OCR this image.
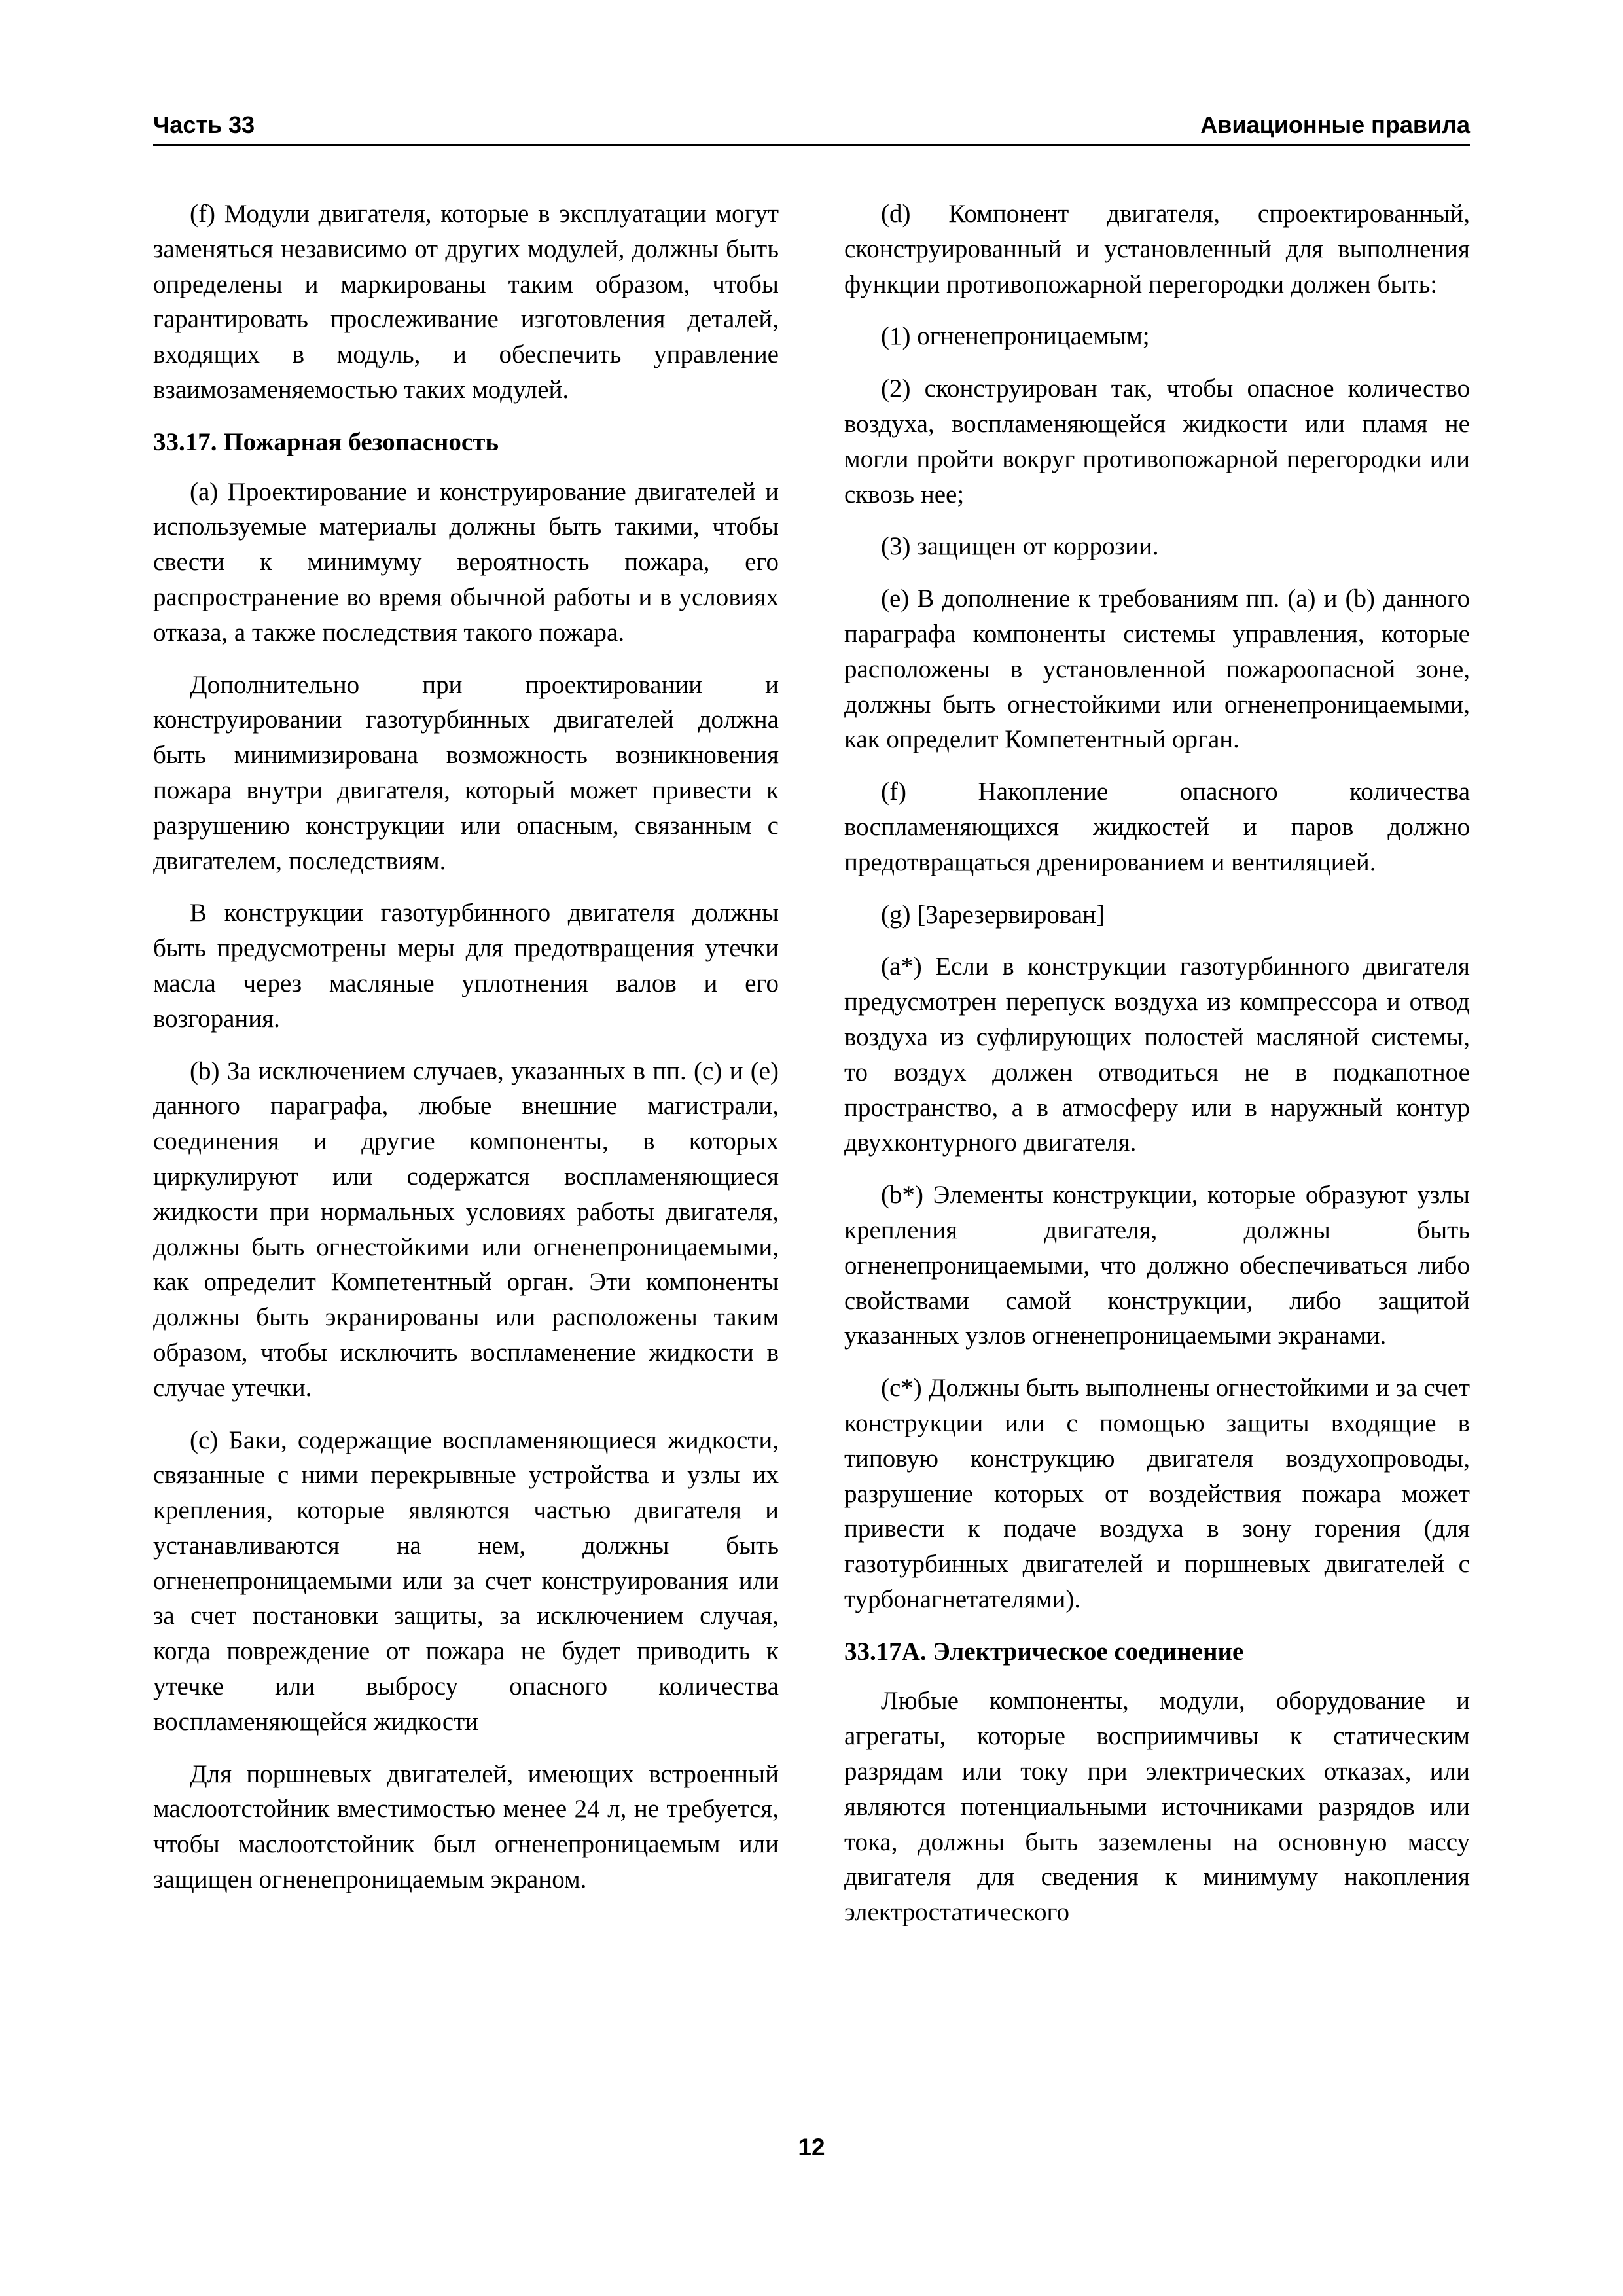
Часть 33	Авиационные правила

(f) Модули двигателя, которые в эксплуатации могут заменяться независимо от других модулей, должны быть определены и маркированы таким образом, чтобы гарантировать прослеживание изготовления деталей, входящих в модуль, и обеспечить управление взаимозаменяемостью таких модулей.

33.17. Пожарная безопасность

(a) Проектирование и конструирование двигателей и используемые материалы должны быть такими, чтобы свести к минимуму вероятность пожара, его распространение во время обычной работы и в условиях отказа, а также последствия такого пожара.

Дополнительно при проектировании и конструировании газотурбинных двигателей должна быть минимизирована возможность возникновения пожара внутри двигателя, который может привести к разрушению конструкции или опасным, связанным с двигателем, последствиям.

В конструкции газотурбинного двигателя должны быть предусмотрены меры для предотвращения утечки масла через масляные уплотнения валов и его возгорания.

(b) За исключением случаев, указанных в пп. (c) и (e) данного параграфа, любые внешние магистрали, соединения и другие компоненты, в которых циркулируют или содержатся воспламеняющиеся жидкости при нормальных условиях работы двигателя, должны быть огнестойкими или огненепроницаемыми, как определит Компетентный орган. Эти компоненты должны быть экранированы или расположены таким образом, чтобы исключить воспламенение жидкости в случае утечки.

(c) Баки, содержащие воспламеняющиеся жидкости, связанные с ними перекрывные устройства и узлы их крепления, которые являются частью двигателя и устанавливаются на нем, должны быть огненепроницаемыми или за счет конструирования или за счет постановки защиты, за исключением случая, когда повреждение от пожара не будет приводить к утечке или выбросу опасного количества воспламеняющейся жидкости

Для поршневых двигателей, имеющих встроенный маслоотстойник вместимостью менее 24 л, не требуется, чтобы маслоотстойник был огненепроницаемым или защищен огненепроницаемым экраном.

(d) Компонент двигателя, спроектированный, сконструированный и установленный для выполнения функции противопожарной перегородки должен быть:

(1) огненепроницаемым;

(2) сконструирован так, чтобы опасное количество воздуха, воспламеняющейся жидкости или пламя не могли пройти вокруг противопожарной перегородки или сквозь нее;

(3) защищен от коррозии.

(e) В дополнение к требованиям пп. (a) и (b) данного параграфа компоненты системы управления, которые расположены в установленной пожароопасной зоне, должны быть огнестойкими или огненепроницаемыми, как определит Компетентный орган.

(f) Накопление опасного количества воспламеняющихся жидкостей и паров должно предотвращаться дренированием и вентиляцией.

(g) [Зарезервирован]

(a*) Если в конструкции газотурбинного двигателя предусмотрен перепуск воздуха из компрессора и отвод воздуха из суфлирующих полостей масляной системы, то воздух должен отводиться не в подкапотное пространство, а в атмосферу или в наружный контур двухконтурного двигателя.

(b*) Элементы конструкции, которые образуют узлы крепления двигателя, должны быть огненепроницаемыми, что должно обеспечиваться либо свойствами самой конструкции, либо защитой указанных узлов огненепроницаемыми экранами.

(c*) Должны быть выполнены огнестойкими и за счет конструкции или с помощью защиты входящие в типовую конструкцию двигателя воздухопроводы, разрушение которых от воздействия пожара может привести к подаче воздуха в зону горения (для газотурбинных двигателей и поршневых двигателей с турбонагнетателями).

33.17А. Электрическое соединение

Любые компоненты, модули, оборудование и агрегаты, которые восприимчивы к статическим разрядам или току при электрических отказах, или являются потенциальными источниками разрядов или тока, должны быть заземлены на основную массу двигателя для сведения к минимуму накопления электростатического

12
